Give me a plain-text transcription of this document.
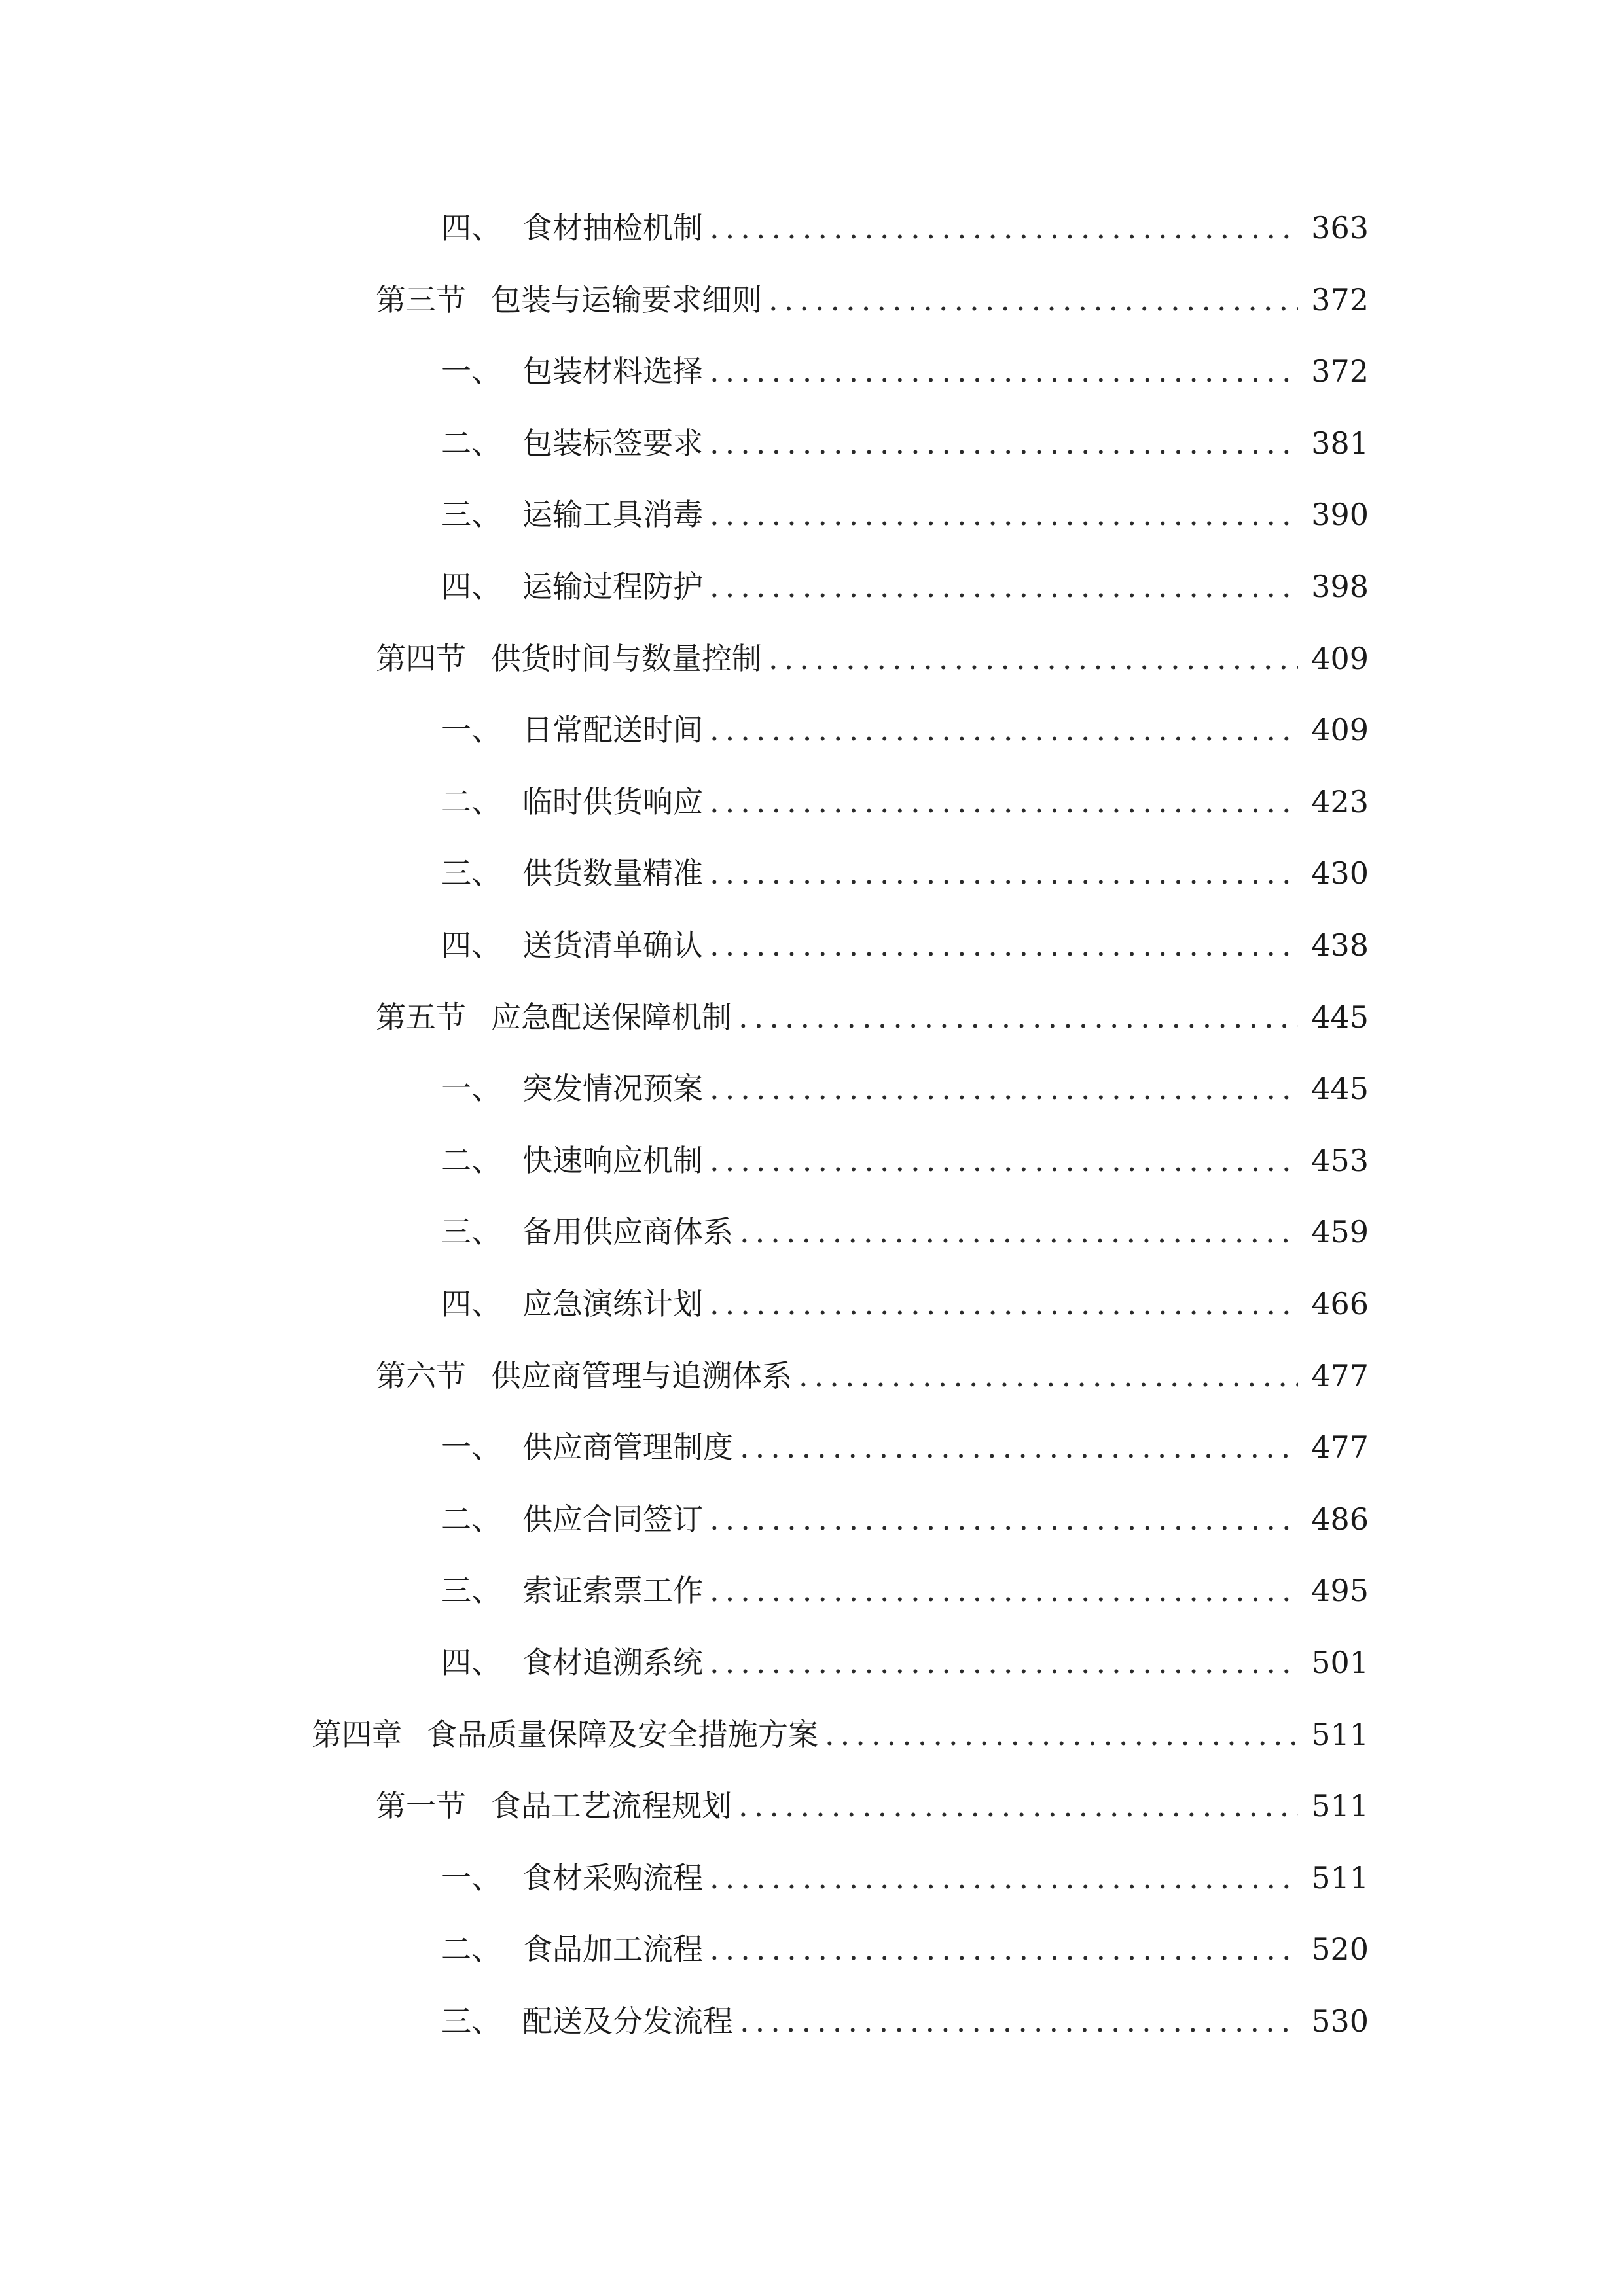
四、 食材抽检机制 .....	363
第三节 包装与运输要求细则 .....	372
一、 包装材料选择 .....	372
二、 包装标签要求 .....	381
三、 运输工具消毒 .....	390
四、 运输过程防护 .....	398
第四节 供货时间与数量控制 .....	409
一、 日常配送时间 .....	409
二、 临时供货响应 .....	423
三、 供货数量精准 .....	430
四、 送货清单确认 .....	438
第五节 应急配送保障机制 .....	445
一、 突发情况预案 .....	445
二、 快速响应机制 .....	453
三、 备用供应商体系 .....	459
四、 应急演练计划 .....	466
第六节 供应商管理与追溯体系 .....	477
一、 供应商管理制度 .....	477
二、 供应合同签订 .....	486
三、 索证索票工作 .....	495
四、 食材追溯系统 .....	501
第四章 食品质量保障及安全措施方案 .....	511
第一节 食品工艺流程规划 .....	511
一、 食材采购流程 .....	511
二、 食品加工流程 .....	520
三、 配送及分发流程 .....	530
